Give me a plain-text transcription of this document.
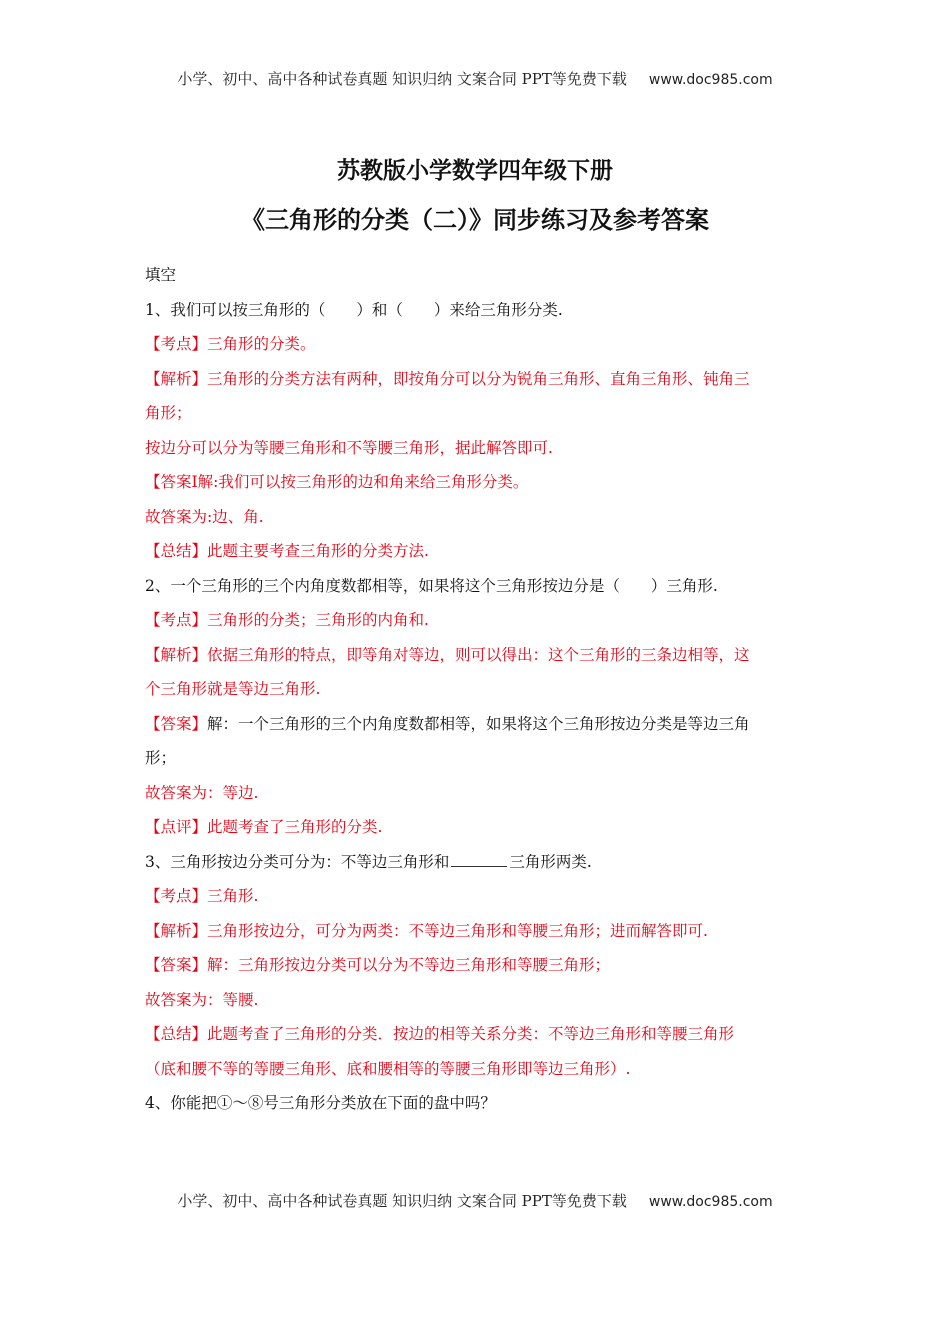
小学、初中、高中各种试卷真题 知识归纳 文案合同 PPT等免费下载 www.doc985.com
苏教版小学数学四年级下册
《三角形的分类（二）》同步练习及参考答案
填空
1、我们可以按三角形的（　　）和（　　）来给三角形分类.
【考点】三角形的分类。
【解析】三角形的分类方法有两种，即按角分可以分为锐角三角形、直角三角形、钝角三
角形；
按边分可以分为等腰三角形和不等腰三角形，据此解答即可.
【答案Ⅰ解:我们可以按三角形的边和角来给三角形分类。
故答案为:边、角.
【总结】此题主要考查三角形的分类方法.
2、一个三角形的三个内角度数都相等，如果将这个三角形按边分是（　　）三角形.
【考点】三角形的分类；三角形的内角和.
【解析】依据三角形的特点，即等角对等边，则可以得出：这个三角形的三条边相等，这
个三角形就是等边三角形.
【答案】解：一个三角形的三个内角度数都相等，如果将这个三角形按边分类是等边三角
形；
故答案为：等边.
【点评】此题考查了三角形的分类.
3、三角形按边分类可分为：不等边三角形和	三角形两类.
【考点】三角形.
【解析】三角形按边分，可分为两类：不等边三角形和等腰三角形；进而解答即可.
【答案】解：三角形按边分类可以分为不等边三角形和等腰三角形；
故答案为：等腰.
【总结】此题考查了三角形的分类．按边的相等关系分类：不等边三角形和等腰三角形
（底和腰不等的等腰三角形、底和腰相等的等腰三角形即等边三角形）.
4、你能把①～⑧号三角形分类放在下面的盘中吗？
小学、初中、高中各种试卷真题 知识归纳 文案合同 PPT等免费下载 www.doc985.com
